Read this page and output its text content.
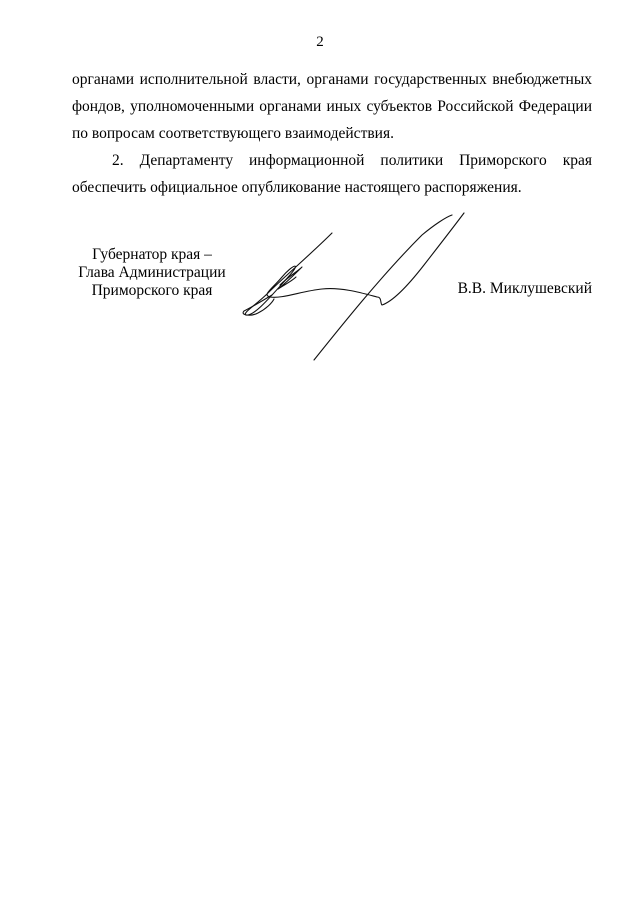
2
органами исполнительной власти, органами государственных внебюджетных
фондов, уполномоченными органами иных субъектов Российской Федерации
по вопросам соответствующего взаимодействия.
2. Департаменту информационной политики Приморского края
обеспечить официальное опубликование настоящего распоряжения.
Губернатор края –
Глава Администрации
Приморского края	В.В. Миклушевский
